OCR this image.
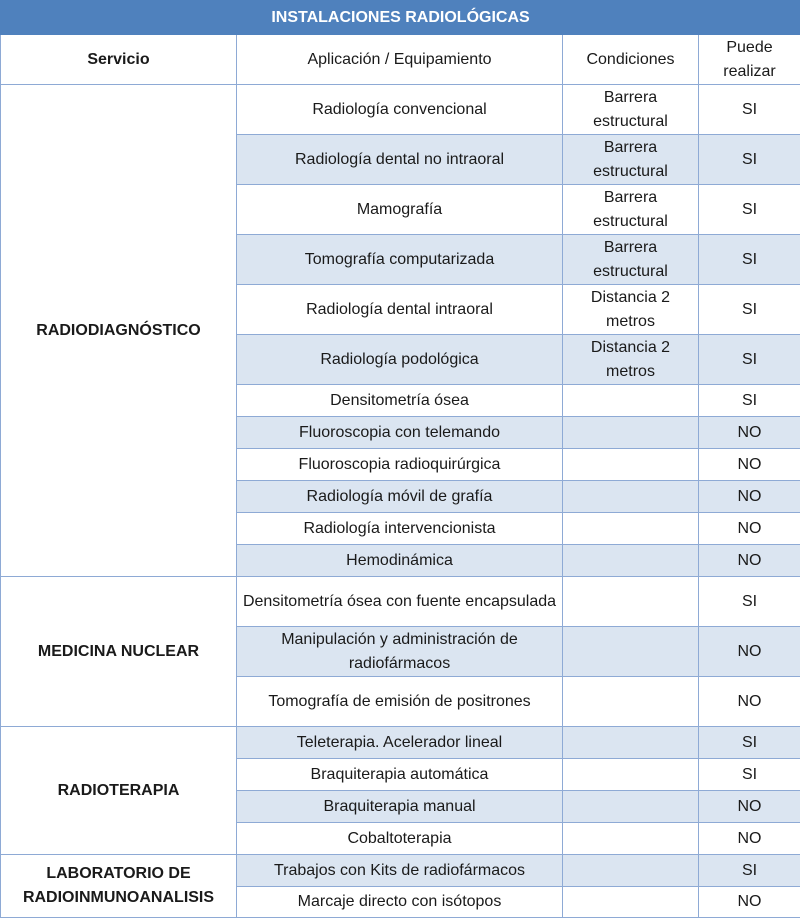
INSTALACIONES RADIOLÓGICAS			
Servicio	Aplicación / Equipamiento	Condiciones	Puede realizar
RADIODIAGNÓSTICO	Radiología convencional	Barrera estructural	SI
	Radiología dental no intraoral	Barrera estructural	SI
	Mamografía	Barrera estructural	SI
	Tomografía computarizada	Barrera estructural	SI
	Radiología dental intraoral	Distancia 2 metros	SI
	Radiología podológica	Distancia 2 metros	SI
	Densitometría ósea		SI
	Fluoroscopia con telemando		NO
	Fluoroscopia radioquirúrgica		NO
	Radiología móvil de grafía		NO
	Radiología intervencionista		NO
	Hemodinámica		NO
MEDICINA NUCLEAR	Densitometría ósea con fuente encapsulada		SI
	Manipulación y administración de radiofármacos		NO
	Tomografía de emisión de positrones		NO
RADIOTERAPIA	Teleterapia. Acelerador lineal		SI
	Braquiterapia automática		SI
	Braquiterapia manual		NO
	Cobaltoterapia		NO
LABORATORIO DE RADIOINMUNOANALISIS	Trabajos con Kits de radiofármacos		SI
	Marcaje directo con isótopos		NO
